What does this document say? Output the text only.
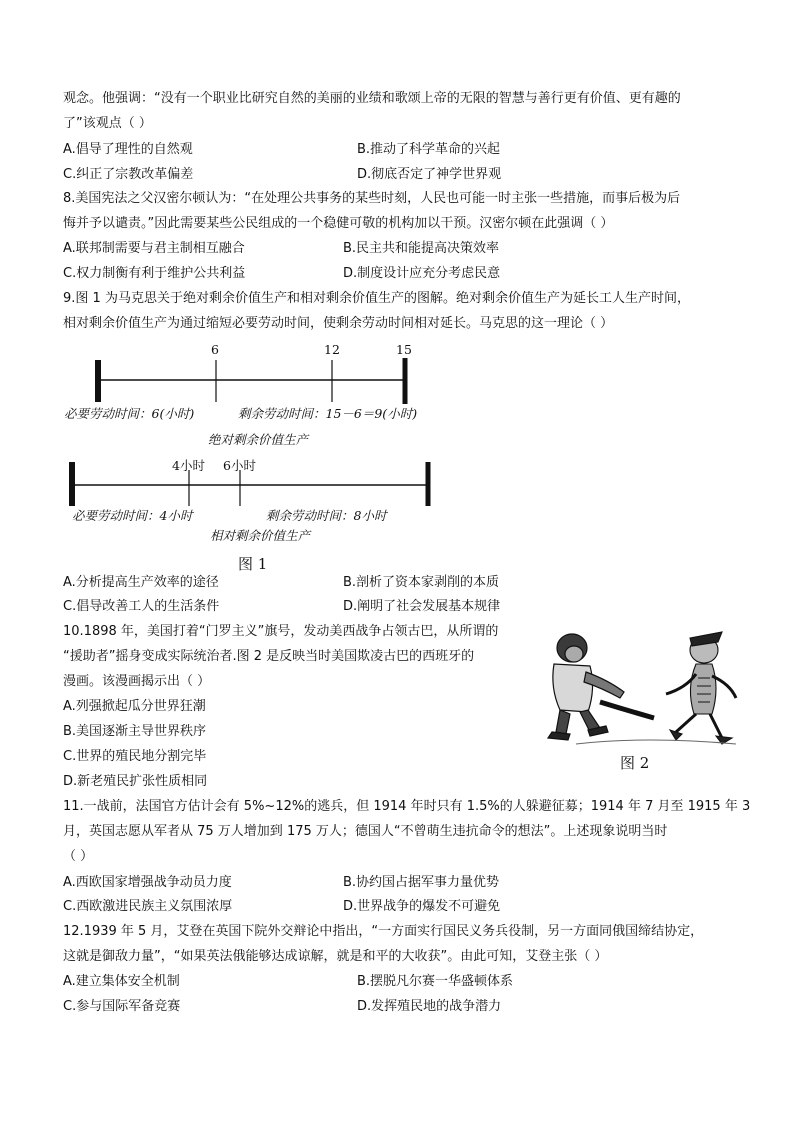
观念。他强调：“没有一个职业比研究自然的美丽的业绩和歌颂上帝的无限的智慧与善行更有价值、更有趣的
了”该观点（ ）
A.倡导了理性的自然观	B.推动了科学革命的兴起
C.纠正了宗教改革偏差	D.彻底否定了神学世界观
8.美国宪法之父汉密尔顿认为：“在处理公共事务的某些时刻，人民也可能一时主张一些措施，而事后极为后
悔并予以谴责。”因此需要某些公民组成的一个稳健可敬的机构加以干预。汉密尔顿在此强调（ ）
A.联邦制需要与君主制相互融合	B.民主共和能提高决策效率
C.权力制衡有利于维护公共利益	D.制度设计应充分考虑民意
9.图 1 为马克思关于绝对剩余价值生产和相对剩余价值生产的图解。绝对剩余价值生产为延长工人生产时间，
相对剩余价值生产为通过缩短必要劳动时间，使剩余劳动时间相对延长。马克思的这一理论（ ）
6	12	15
必要劳动时间：6(小时)	剩余劳动时间：15－6＝9(小时)
绝对剩余价值生产
4小时 6小时
必要劳动时间：4小时	剩余劳动时间：8小时
相对剩余价值生产
图 1
A.分析提高生产效率的途径	B.剖析了资本家剥削的本质
C.倡导改善工人的生活条件	D.阐明了社会发展基本规律
10.1898 年，美国打着“门罗主义”旗号，发动美西战争占领古巴，从所谓的
“援助者”摇身变成实际统治者.图 2 是反映当时美国欺凌古巴的西班牙的
漫画。该漫画揭示出（ ）
A.列强掀起瓜分世界狂潮
B.美国逐渐主导世界秩序
C.世界的殖民地分割完毕
D.新老殖民扩张性质相同
图 2
11.一战前，法国官方估计会有 5%~12%的逃兵，但 1914 年时只有 1.5%的人躲避征募；1914 年 7 月至 1915 年 3
月，英国志愿从军者从 75 万人增加到 175 万人；德国人“不曾萌生违抗命令的想法”。上述现象说明当时
（ ）
A.西欧国家增强战争动员力度	B.协约国占据军事力量优势
C.西欧激进民族主义氛围浓厚	D.世界战争的爆发不可避免
12.1939 年 5 月，艾登在英国下院外交辩论中指出，“一方面实行国民义务兵役制，另一方面同俄国缔结协定，
这就是御敌力量”，“如果英法俄能够达成谅解，就是和平的大收获”。由此可知，艾登主张（ ）
A.建立集体安全机制	B.摆脱凡尔赛一华盛顿体系
C.参与国际军备竞赛	D.发挥殖民地的战争潜力
